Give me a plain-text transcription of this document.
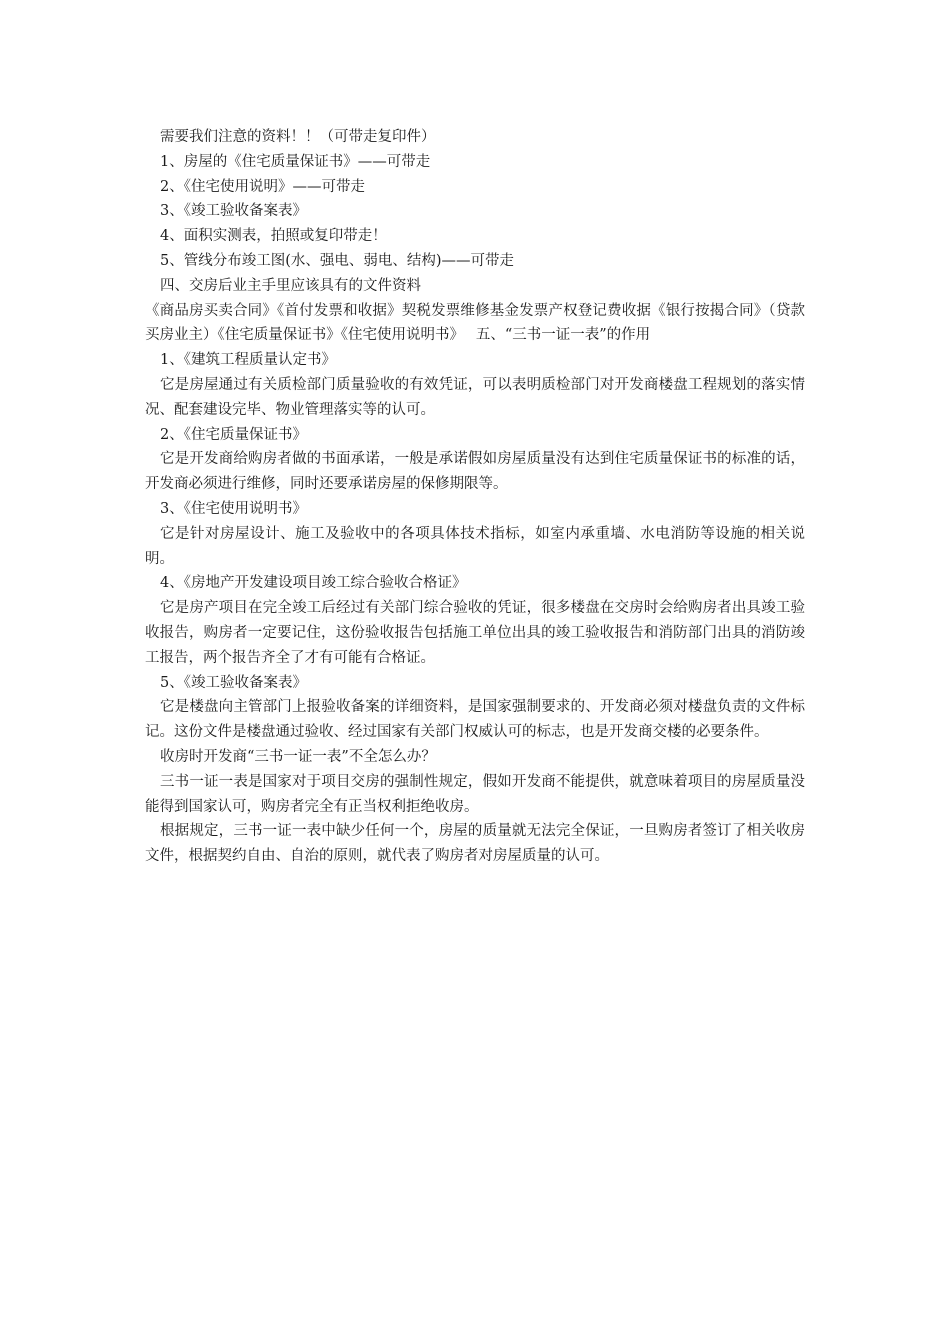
需要我们注意的资料！！（可带走复印件）

1、房屋的《住宅质量保证书》——可带走

2、《住宅使用说明》——可带走

3、《竣工验收备案表》

4、面积实测表，拍照或复印带走！

5、管线分布竣工图(水、强电、弱电、结构)——可带走

四、交房后业主手里应该具有的文件资料

《商品房买卖合同》《首付发票和收据》契税发票维修基金发票产权登记费收据《银行按揭合同》（贷款买房业主）《住宅质量保证书》《住宅使用说明书》　 五、“三书一证一表”的作用

1、《建筑工程质量认定书》

它是房屋通过有关质检部门质量验收的有效凭证，可以表明质检部门对开发商楼盘工程规划的落实情况、配套建设完毕、物业管理落实等的认可。

2、《住宅质量保证书》

它是开发商给购房者做的书面承诺，一般是承诺假如房屋质量没有达到住宅质量保证书的标准的话，开发商必须进行维修，同时还要承诺房屋的保修期限等。

3、《住宅使用说明书》

它是针对房屋设计、施工及验收中的各项具体技术指标，如室内承重墙、水电消防等设施的相关说明。

4、《房地产开发建设项目竣工综合验收合格证》

它是房产项目在完全竣工后经过有关部门综合验收的凭证，很多楼盘在交房时会给购房者出具竣工验收报告，购房者一定要记住，这份验收报告包括施工单位出具的竣工验收报告和消防部门出具的消防竣工报告，两个报告齐全了才有可能有合格证。

5、《竣工验收备案表》

它是楼盘向主管部门上报验收备案的详细资料，是国家强制要求的、开发商必须对楼盘负责的文件标记。这份文件是楼盘通过验收、经过国家有关部门权威认可的标志，也是开发商交楼的必要条件。

收房时开发商“三书一证一表”不全怎么办？

三书一证一表是国家对于项目交房的强制性规定，假如开发商不能提供，就意味着项目的房屋质量没能得到国家认可，购房者完全有正当权利拒绝收房。

根据规定，三书一证一表中缺少任何一个，房屋的质量就无法完全保证，一旦购房者签订了相关收房文件，根据契约自由、自治的原则，就代表了购房者对房屋质量的认可。
